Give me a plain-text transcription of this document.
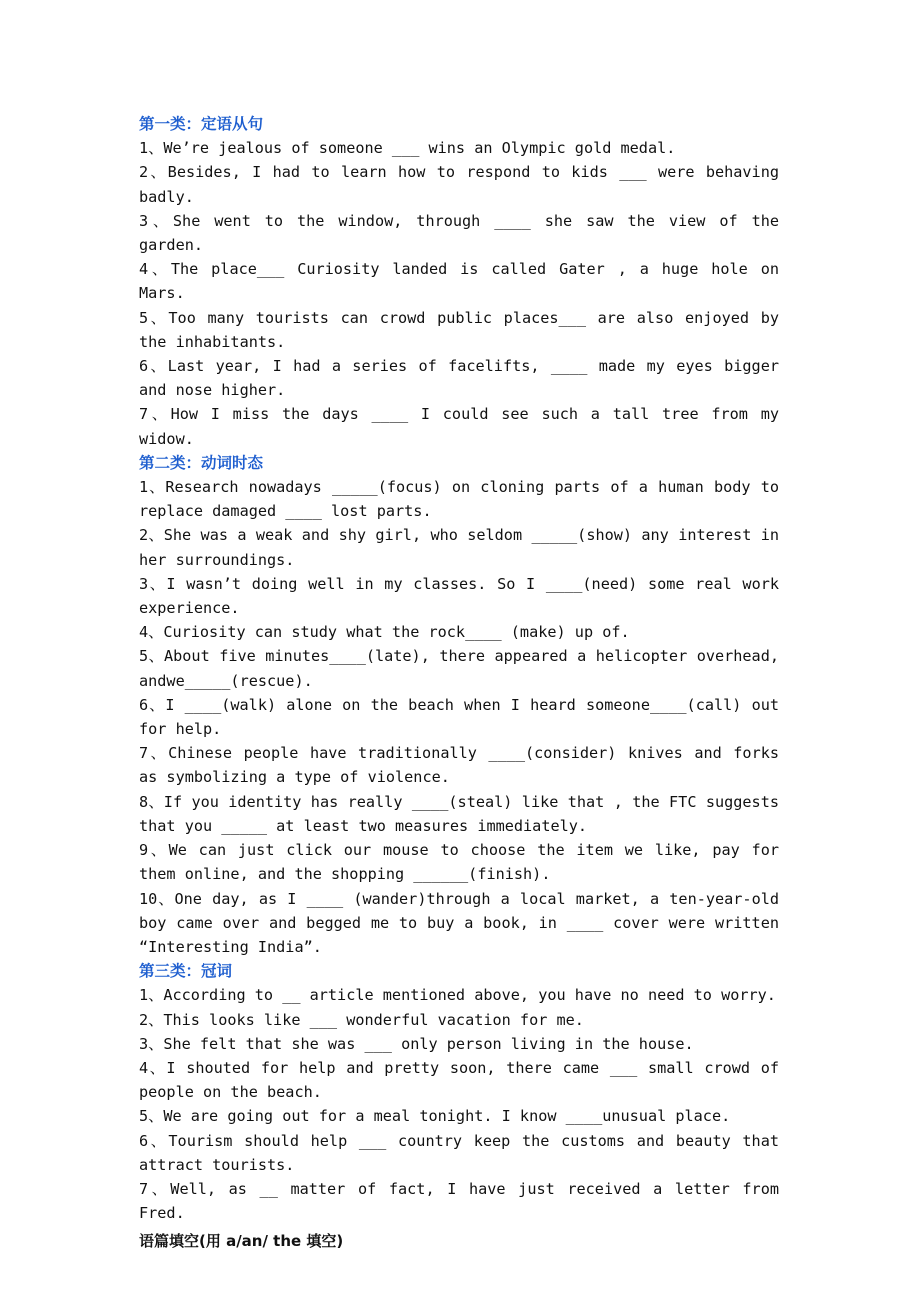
第一类：定语从句
1、We’re jealous of someone ___ wins an Olympic gold medal.
2、Besides, I had to learn how to respond to kids ___ were behaving badly.
3、She went to the window, through ____ she saw the view of the garden.
4、The place___ Curiosity landed is called Gater , a huge hole on Mars.
5、Too many tourists can crowd public places___ are also enjoyed by the inhabitants.
6、Last year, I had a series of facelifts, ____ made my eyes bigger and nose higher.
7、How I miss the days ____ I could see such a tall tree from my widow.
第二类：动词时态
1、Research nowadays _____(focus) on cloning parts of a human body to replace damaged ____ lost parts.
2、She was a weak and shy girl, who seldom _____(show) any interest in her surroundings.
3、I wasn’t doing well in my classes. So I ____(need) some real work experience.
4、Curiosity can study what the rock____ (make) up of.
5、About five minutes____(late), there appeared a helicopter overhead, andwe_____(rescue).
6、I ____(walk) alone on the beach when I heard someone____(call) out for help.
7、Chinese people have traditionally ____(consider) knives and forks as symbolizing a type of violence.
8、If you identity has really ____(steal) like that , the FTC suggests that you _____ at least two measures immediately.
9、We can just click our mouse to choose the item we like, pay for them online, and the shopping ______(finish).
10、One day, as I ____ (wander)through a local market, a ten-year-old boy came over and begged me to buy a book, in ____ cover were written “Interesting India”.
第三类：冠词
1、According to __ article mentioned above, you have no need to worry.
2、This looks like ___ wonderful vacation for me.
3、She felt that she was ___ only person living in the house.
4、I shouted for help and pretty soon, there came ___ small crowd of people on the beach.
5、We are going out for a meal tonight. I know ____unusual place.
6、Tourism should help ___ country keep the customs and beauty that attract tourists.
7、Well, as __ matter of fact, I have just received a letter from Fred.
语篇填空(用 a/an/ the 填空)
